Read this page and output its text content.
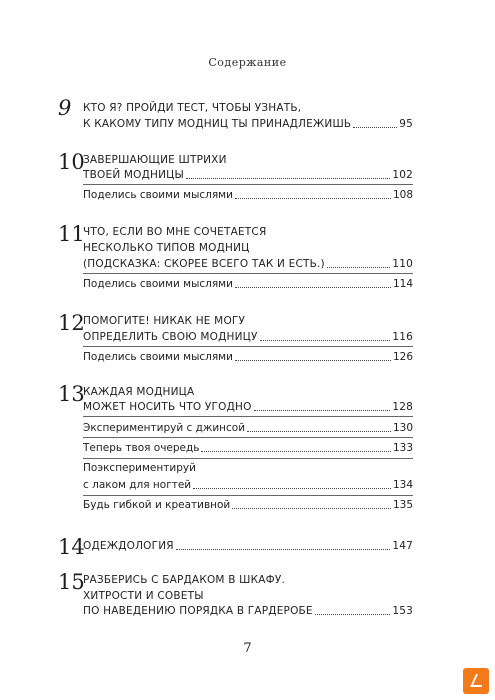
Содержание
9 КТО Я? ПРОЙДИ ТЕСТ, ЧТОБЫ УЗНАТЬ,
К КАКОМУ ТИПУ МОДНИЦ ТЫ ПРИНАДЛЕЖИШЬ	95
10
ЗАВЕРШАЮЩИЕ ШТРИХИ
ТВОЕЙ МОДНИЦЫ	102
Поделись своими мыслями	108
11
ЧТО, ЕСЛИ ВО МНЕ СОЧЕТАЕТСЯ
НЕСКОЛЬКО ТИПОВ МОДНИЦ
(ПОДСКАЗКА: СКОРЕЕ ВСЕГО ТАК И ЕСТЬ.)	110
Поделись своими мыслями	114
12
ПОМОГИТЕ! НИКАК НЕ МОГУ
ОПРЕДЕЛИТЬ СВОЮ МОДНИЦУ	116
Поделись своими мыслями	126
13
КАЖДАЯ МОДНИЦА
МОЖЕТ НОСИТЬ ЧТО УГОДНО	128
Экспериментируй с джинсой	130
Теперь твоя очередь	133
Поэкспериментируй
с лаком для ногтей	134
Будь гибкой и креативной	135
14
ОДЕЖДОЛОГИЯ	147
15
РАЗБЕРИСЬ С БАРДАКОМ В ШКАФУ.
ХИТРОСТИ И СОВЕТЫ
ПО НАВЕДЕНИЮ ПОРЯДКА В ГАРДЕРОБЕ	153
7
